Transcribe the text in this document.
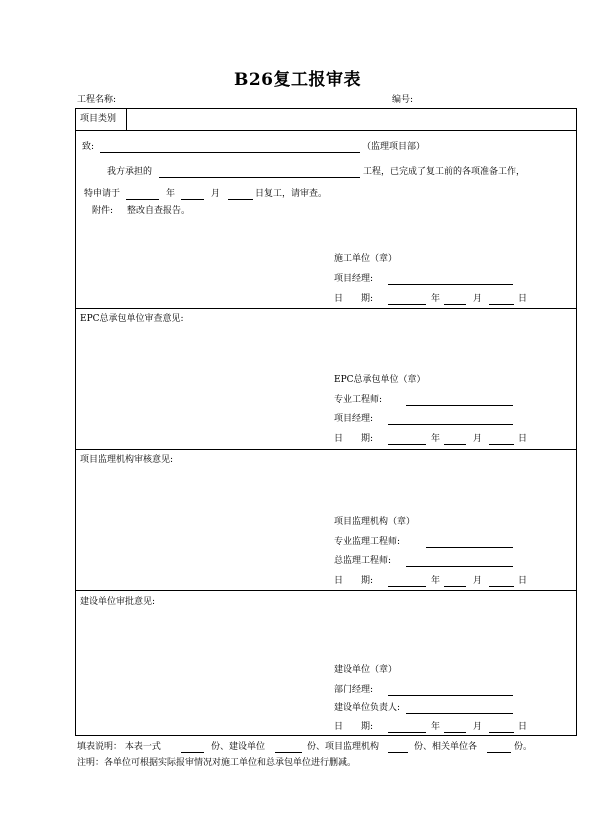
B26复工报审表
工程名称:	编号:
项目类别
致:	（监理项目部）
我方承担的	工程，已完成了复工前的各项准备工作，
特申请于	年	月	日复工，请审查。
附件: 整改自查报告。
施工单位（章）
项目经理:
日　　期:	年	月	日
EPC总承包单位审查意见:
EPC总承包单位（章）
专业工程师:
项目经理:
日　　期:	年	月	日
项目监理机构审核意见:
项目监理机构（章）
专业监理工程师:
总监理工程师:
日　　期:	年	月	日
建设单位审批意见:
建设单位（章）
部门经理:
建设单位负责人:
日　　期:	年	月	日
填表说明： 本表一式	份、建设单位	份、项目监理机构	份、相关单位各	份。
注明：各单位可根据实际报审情况对施工单位和总承包单位进行删减。
